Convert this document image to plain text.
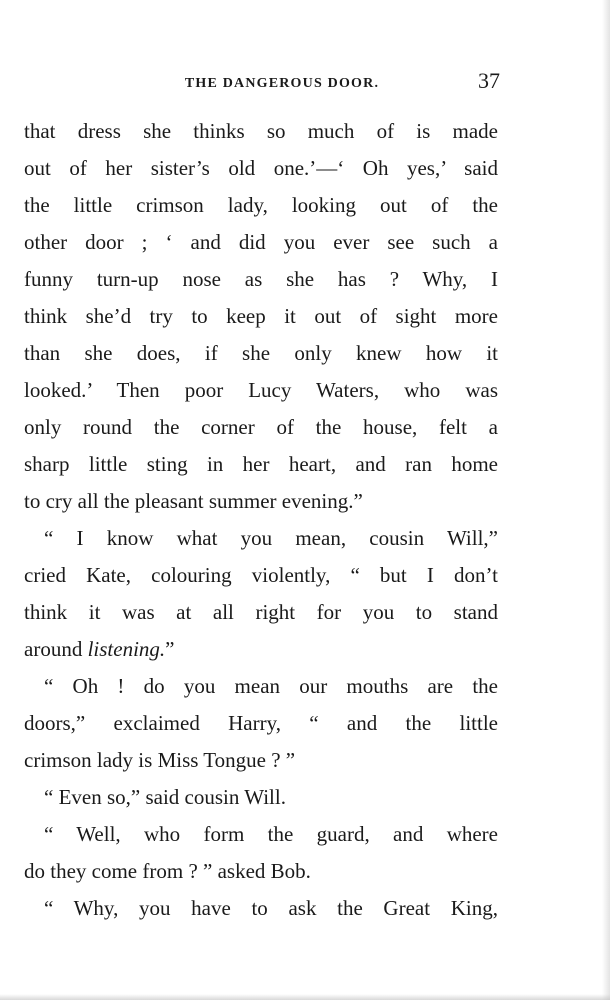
THE DANGEROUS DOOR.	37
that dress she thinks so much of is made
out of her sister’s old one.’—‘ Oh yes,’ said
the little crimson lady, looking out of the
other door ; ‘ and did you ever see such a
funny turn-up nose as she has ? Why, I
think she’d try to keep it out of sight more
than she does, if she only knew how it
looked.’ Then poor Lucy Waters, who was
only round the corner of the house, felt a
sharp little sting in her heart, and ran home
to cry all the pleasant summer evening.”
“ I know what you mean, cousin Will,”
cried Kate, colouring violently, “ but I don’t
think it was at all right for you to stand
around listening.”
“ Oh ! do you mean our mouths are the
doors,” exclaimed Harry, “ and the little
crimson lady is Miss Tongue ? ”
“ Even so,” said cousin Will.
“ Well, who form the guard, and where
do they come from ? ” asked Bob.
“ Why, you have to ask the Great King,
